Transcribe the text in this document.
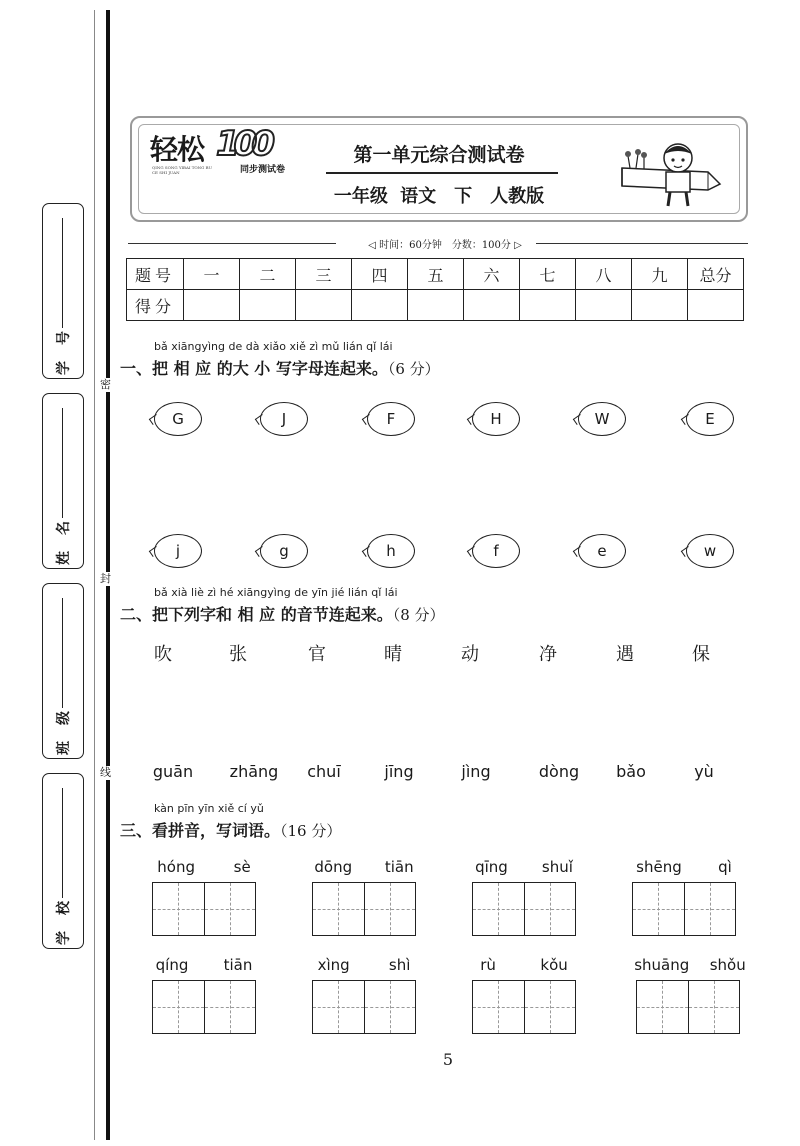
密
封
线
号
学
名
姓
级
班
校
学
轻松 100
同步测试卷
QING SONG YIBAI TONG BU CE SHI JUAN
第一单元综合测试卷
一年级 语文　下　人教版
◁ 时间：60分钟　分数：100分 ▷
题号	一	二	三	四	五	六	七	八	九	总分
得分										
bǎ xiāngyìng de dà xiǎo xiě zì mǔ lián qǐ lái
一、把 相 应 的大 小 写字母连起来。（6 分）
G	J	F	H	W	E
j	g	h	f	e	w
bǎ xià liè zì hé xiāngyìng de yīn jié lián qǐ lái
二、把下列字和 相 应 的音节连起来。（8 分）
吹	张	官	晴	动	净	遇	保
guān	zhāng	chuī	jīng	jìng	dòng	bǎo	yù
kàn pīn yīn xiě cí yǔ
三、看拼音，写词语。（16 分）
hóng	sè	dōng tiān	qīng shuǐ	shēng qì
qíng tiān	xìng	shì	rù	kǒu	shuāng shǒu
5
